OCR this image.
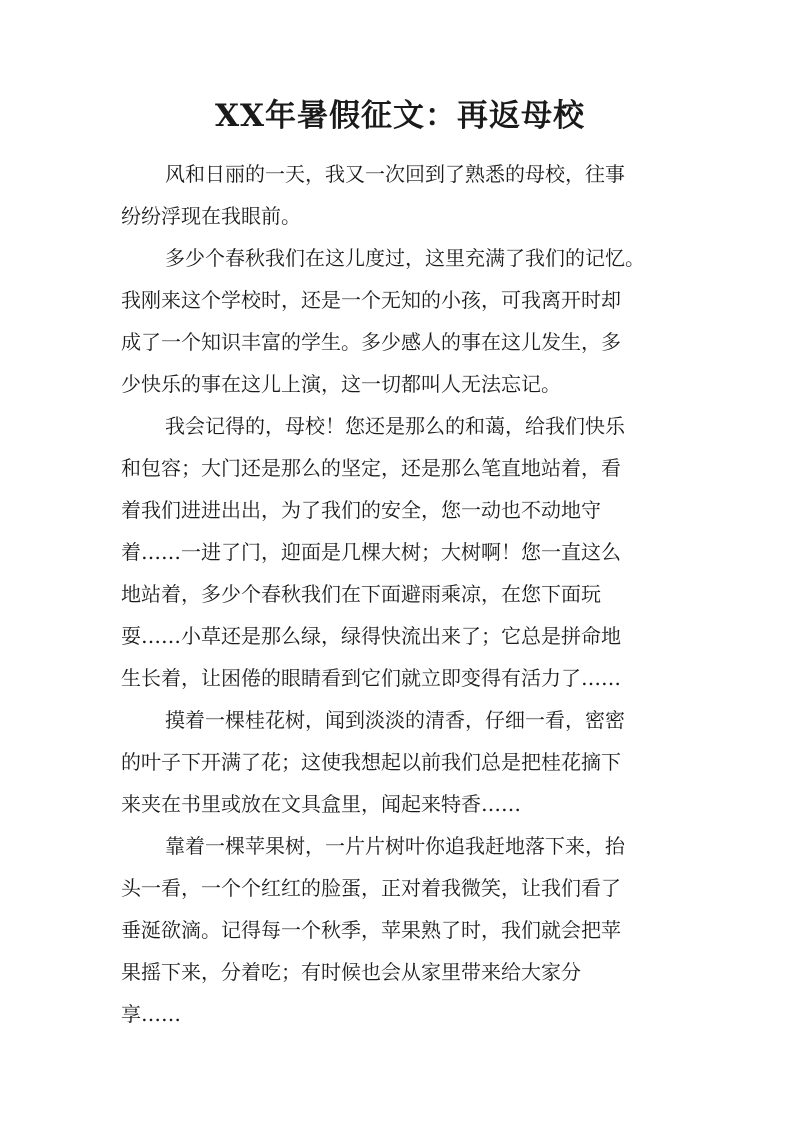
XX年暑假征文：再返母校
风和日丽的一天，我又一次回到了熟悉的母校，往事
纷纷浮现在我眼前。
多少个春秋我们在这儿度过，这里充满了我们的记忆。
我刚来这个学校时，还是一个无知的小孩，可我离开时却
成了一个知识丰富的学生。多少感人的事在这儿发生，多
少快乐的事在这儿上演，这一切都叫人无法忘记。
我会记得的，母校！您还是那么的和蔼，给我们快乐
和包容；大门还是那么的坚定，还是那么笔直地站着，看
着我们进进出出，为了我们的安全，您一动也不动地守
着……一进了门，迎面是几棵大树；大树啊！您一直这么
地站着，多少个春秋我们在下面避雨乘凉，在您下面玩
耍……小草还是那么绿，绿得快流出来了；它总是拼命地
生长着，让困倦的眼睛看到它们就立即变得有活力了……
摸着一棵桂花树，闻到淡淡的清香，仔细一看，密密
的叶子下开满了花；这使我想起以前我们总是把桂花摘下
来夹在书里或放在文具盒里，闻起来特香……
靠着一棵苹果树，一片片树叶你追我赶地落下来，抬
头一看，一个个红红的脸蛋，正对着我微笑，让我们看了
垂涎欲滴。记得每一个秋季，苹果熟了时，我们就会把苹
果摇下来，分着吃；有时候也会从家里带来给大家分
享……
